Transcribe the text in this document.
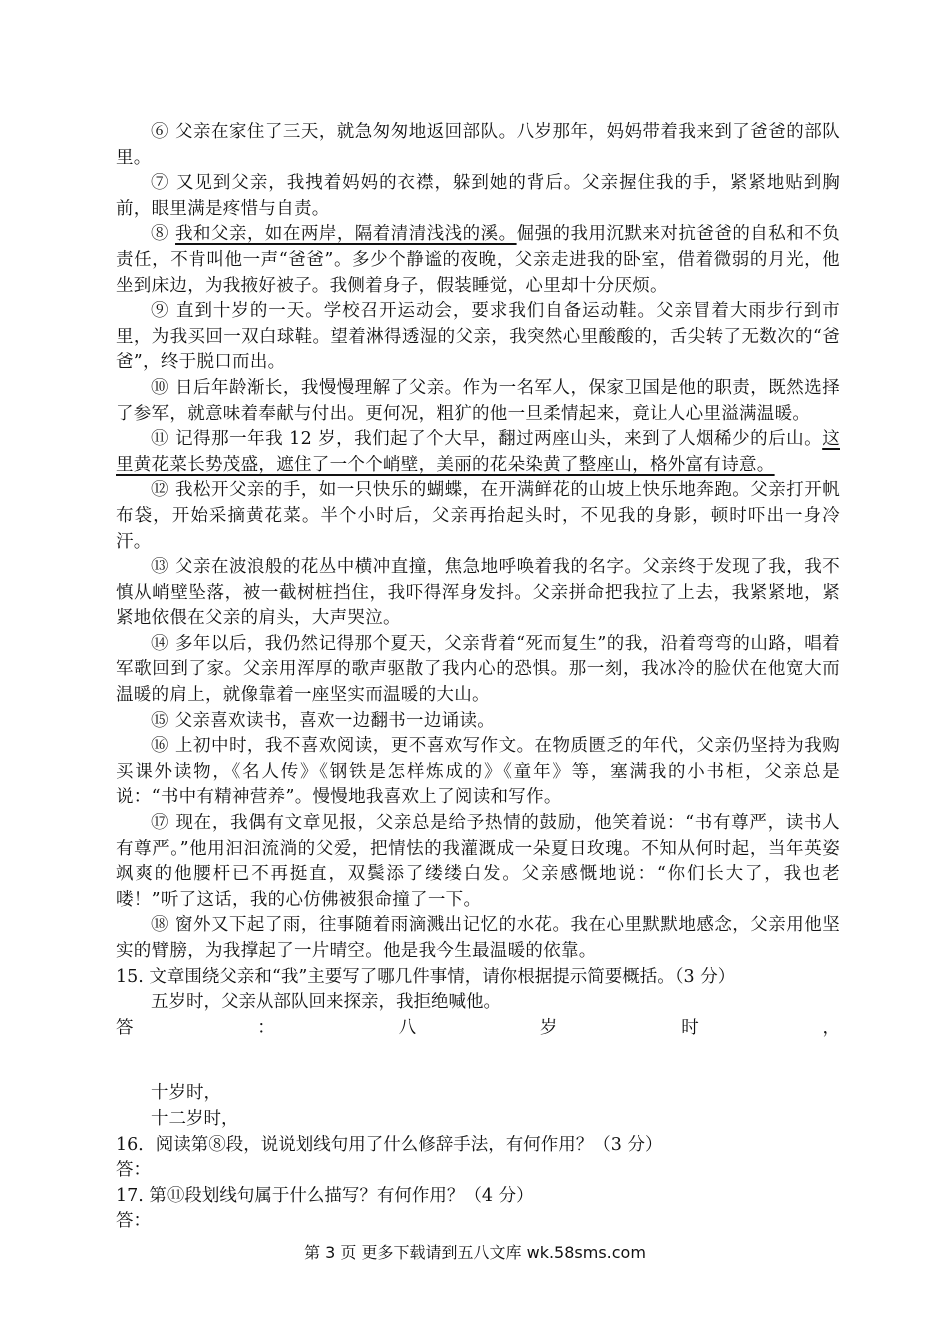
⑥ 父亲在家住了三天，就急匆匆地返回部队。八岁那年，妈妈带着我来到了爸爸的部队里。

⑦ 又见到父亲，我拽着妈妈的衣襟，躲到她的背后。父亲握住我的手，紧紧地贴到胸前，眼里满是疼惜与自责。

⑧ 我和父亲，如在两岸，隔着清清浅浅的溪。倔强的我用沉默来对抗爸爸的自私和不负责任，不肯叫他一声“爸爸”。多少个静谧的夜晚，父亲走进我的卧室，借着微弱的月光，他坐到床边，为我掖好被子。我侧着身子，假装睡觉，心里却十分厌烦。

⑨ 直到十岁的一天。学校召开运动会，要求我们自备运动鞋。父亲冒着大雨步行到市里，为我买回一双白球鞋。望着淋得透湿的父亲，我突然心里酸酸的，舌尖转了无数次的“爸爸”，终于脱口而出。

⑩ 日后年龄渐长，我慢慢理解了父亲。作为一名军人，保家卫国是他的职责，既然选择了参军，就意味着奉献与付出。更何况，粗犷的他一旦柔情起来，竟让人心里溢满温暖。

⑪ 记得那一年我 12 岁，我们起了个大早，翻过两座山头，来到了人烟稀少的后山。这里黄花菜长势茂盛，遮住了一个个峭壁，美丽的花朵染黄了整座山，格外富有诗意。

⑫ 我松开父亲的手，如一只快乐的蝴蝶，在开满鲜花的山坡上快乐地奔跑。父亲打开帆布袋，开始采摘黄花菜。半个小时后，父亲再抬起头时，不见我的身影，顿时吓出一身冷汗。

⑬ 父亲在波浪般的花丛中横冲直撞，焦急地呼唤着我的名字。父亲终于发现了我，我不慎从峭壁坠落，被一截树桩挡住，我吓得浑身发抖。父亲拼命把我拉了上去，我紧紧地，紧紧地依偎在父亲的肩头，大声哭泣。

⑭ 多年以后，我仍然记得那个夏天，父亲背着“死而复生”的我，沿着弯弯的山路，唱着军歌回到了家。父亲用浑厚的歌声驱散了我内心的恐惧。那一刻，我冰冷的脸伏在他宽大而温暖的肩上，就像靠着一座坚实而温暖的大山。

⑮ 父亲喜欢读书，喜欢一边翻书一边诵读。

⑯ 上初中时，我不喜欢阅读，更不喜欢写作文。在物质匮乏的年代，父亲仍坚持为我购买课外读物，《名人传》《钢铁是怎样炼成的》《童年》等，塞满我的小书柜，父亲总是说：“书中有精神营养”。慢慢地我喜欢上了阅读和写作。

⑰ 现在，我偶有文章见报，父亲总是给予热情的鼓励，他笑着说：“书有尊严，读书人有尊严。”他用汩汩流淌的父爱，把情怯的我灌溉成一朵夏日玫瑰。不知从何时起，当年英姿飒爽的他腰杆已不再挺直，双鬓添了缕缕白发。父亲感慨地说：“你们长大了，我也老喽！”听了这话，我的心仿佛被狠命撞了一下。

⑱ 窗外又下起了雨，往事随着雨滴溅出记忆的水花。我在心里默默地感念，父亲用他坚实的臂膀，为我撑起了一片晴空。他是我今生最温暖的依靠。

15. 文章围绕父亲和“我”主要写了哪几件事情，请你根据提示简要概括。（3 分）

五岁时，父亲从部队回来探亲，我拒绝喊他。

答	：	八	岁	时	，

十岁时，

十二岁时，

16．阅读第⑧段，说说划线句用了什么修辞手法，有何作用？（3 分）

答：

17. 第⑪段划线句属于什么描写？有何作用？（4 分）

答：

第 3 页 更多下载请到五八文库 wk.58sms.com
